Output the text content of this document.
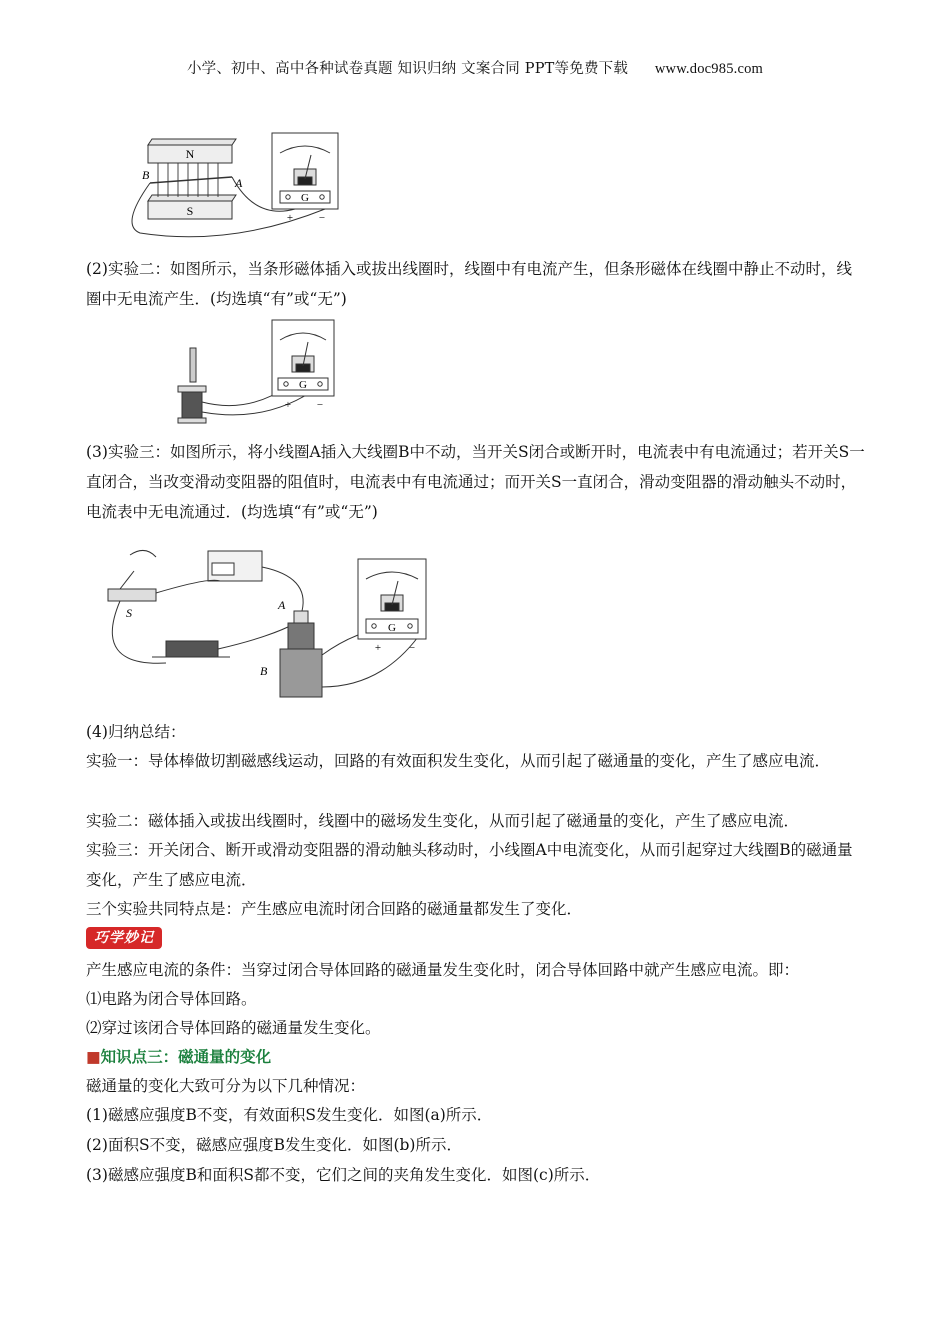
小学、初中、高中各种试卷真题 知识归纳 文案合同 PPT等免费下载 www.doc985.com
N
S
B
A
G
+ −
(2)实验二：如图所示，当条形磁体插入或拔出线圈时，线圈中有电流产生，但条形磁体在线圈中静止不动时，线圈中无电流产生．(均选填“有”或“无”)
G
+ −
(3)实验三：如图所示，将小线圈A插入大线圈B中不动，当开关S闭合或断开时，电流表中有电流通过；若开关S一直闭合，当改变滑动变阻器的阻值时，电流表中有电流通过；而开关S一直闭合，滑动变阻器的滑动触头不动时，电流表中无电流通过．(均选填“有”或“无”)
S
A
B
G
+	−
(4)归纳总结：
实验一：导体棒做切割磁感线运动，回路的有效面积发生变化，从而引起了磁通量的变化，产生了感应电流．
实验二：磁体插入或拔出线圈时，线圈中的磁场发生变化，从而引起了磁通量的变化，产生了感应电流．
实验三：开关闭合、断开或滑动变阻器的滑动触头移动时，小线圈A中电流变化，从而引起穿过大线圈B的磁通量变化，产生了感应电流．
三个实验共同特点是：产生感应电流时闭合回路的磁通量都发生了变化．
巧学妙记
产生感应电流的条件：当穿过闭合导体回路的磁通量发生变化时，闭合导体回路中就产生感应电流。即：
⑴电路为闭合导体回路。
⑵穿过该闭合导体回路的磁通量发生变化。
■知识点三：磁通量的变化
磁通量的变化大致可分为以下几种情况：
(1)磁感应强度B不变，有效面积S发生变化．如图(a)所示．
(2)面积S不变，磁感应强度B发生变化．如图(b)所示．
(3)磁感应强度B和面积S都不变，它们之间的夹角发生变化．如图(c)所示．
